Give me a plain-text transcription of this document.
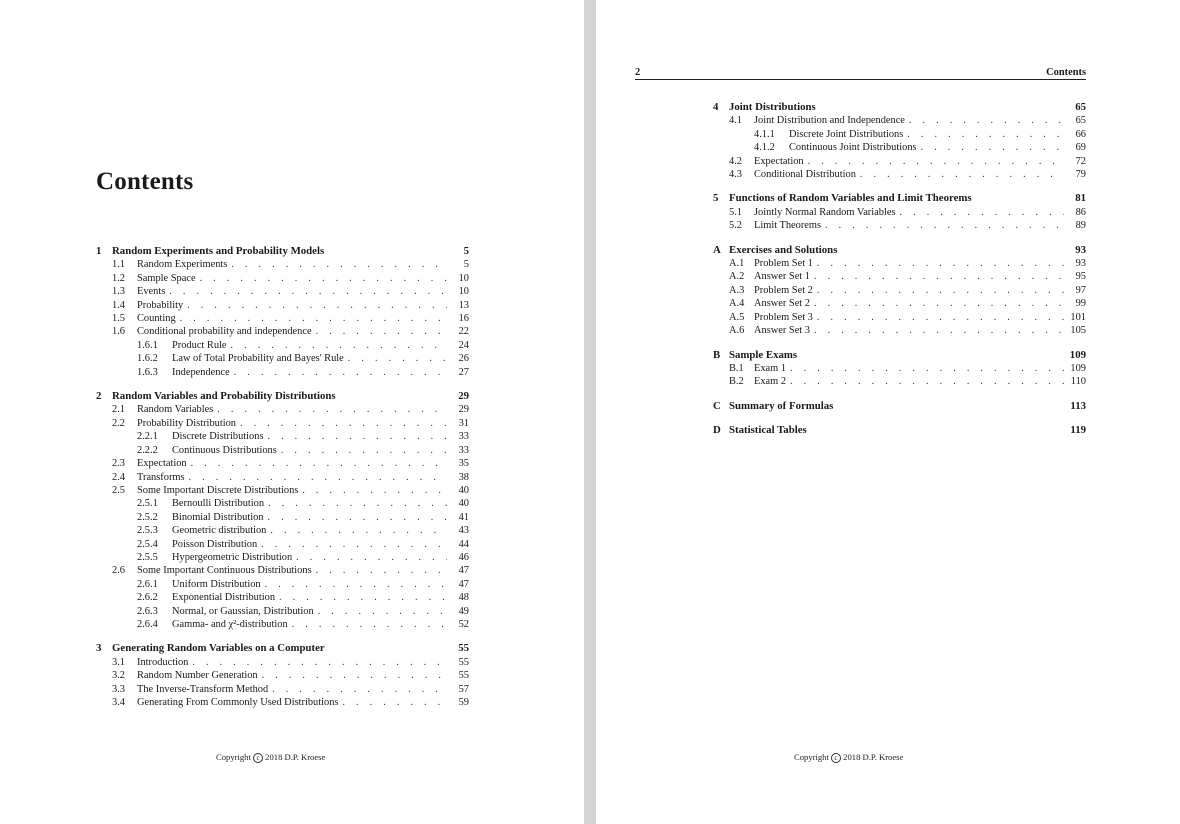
Contents
1 Random Experiments and Probability Models	5
1.1	Random Experiments . . .	5
1.2	Sample Space . . .	10
1.3	Events . . .	10
1.4	Probability . . .	13
1.5	Counting . . .	16
1.6	Conditional probability and independence . . .	22
1.6.1	Product Rule . . .	24
1.6.2	Law of Total Probability and Bayes' Rule . . .	26
1.6.3	Independence . . .	27
2 Random Variables and Probability Distributions	29
2.1	Random Variables . . .	29
2.2	Probability Distribution . . .	31
2.2.1	Discrete Distributions . . .	33
2.2.2	Continuous Distributions . . .	33
2.3	Expectation . . .	35
2.4	Transforms . . .	38
2.5	Some Important Discrete Distributions . . .	40
2.5.1	Bernoulli Distribution . . .	40
2.5.2	Binomial Distribution . . .	41
2.5.3	Geometric distribution . . .	43
2.5.4	Poisson Distribution . . .	44
2.5.5	Hypergeometric Distribution . . .	46
2.6	Some Important Continuous Distributions . . .	47
2.6.1	Uniform Distribution . . .	47
2.6.2	Exponential Distribution . . .	48
2.6.3	Normal, or Gaussian, Distribution . . .	49
2.6.4	Gamma- and χ²-distribution . . .	52
3 Generating Random Variables on a Computer	55
3.1	Introduction . . .	55
3.2	Random Number Generation . . .	55
3.3	The Inverse-Transform Method . . .	57
3.4	Generating From Commonly Used Distributions . . .	59
Copyright c 2018 D.P. Kroese
2	Contents
4 Joint Distributions	65
4.1	Joint Distribution and Independence . . .	65
4.1.1	Discrete Joint Distributions . . .	66
4.1.2	Continuous Joint Distributions . . .	69
4.2	Expectation . . .	72
4.3	Conditional Distribution . . .	79
5 Functions of Random Variables and Limit Theorems	81
5.1	Jointly Normal Random Variables . . .	86
5.2	Limit Theorems . . .	89
A Exercises and Solutions	93
A.1 Problem Set 1 . . .	93
A.2 Answer Set 1 . . .	95
A.3 Problem Set 2 . . .	97
A.4 Answer Set 2 . . .	99
A.5 Problem Set 3 . . .	101
A.6 Answer Set 3 . . .	105
B Sample Exams	109
B.1 Exam 1 . . .	109
B.2 Exam 2 . . .	110
C Summary of Formulas	113
D Statistical Tables	119
Copyright c 2018 D.P. Kroese
